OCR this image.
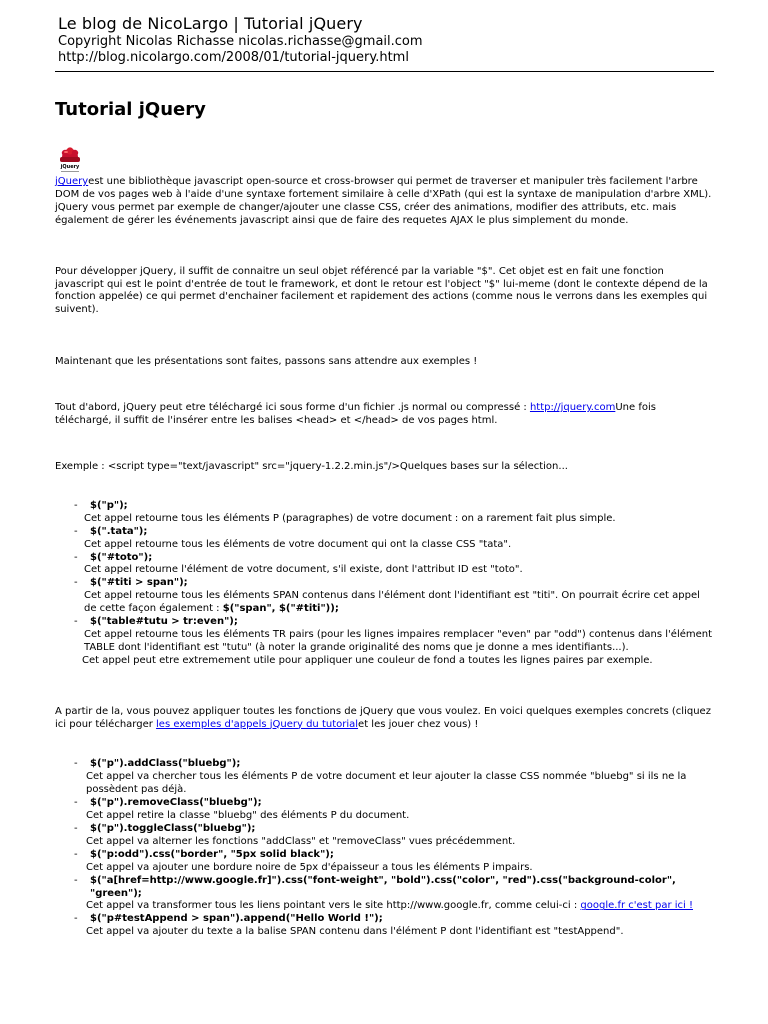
Le blog de NicoLargo | Tutorial jQuery
Copyright Nicolas Richasse nicolas.richasse@gmail.com
http://blog.nicolargo.com/2008/01/tutorial-jquery.html
Tutorial jQuery
jQuery

jQueryest une bibliothèque javascript open-source et cross-browser qui permet de traverser et manipuler très facilement l'arbre DOM de vos pages web à l'aide d'une syntaxe fortement similaire à celle d'XPath (qui est la syntaxe de manipulation d'arbre XML). jQuery vous permet par exemple de changer/ajouter une classe CSS, créer des animations, modifier des attributs, etc. mais également de gérer les événements javascript ainsi que de faire des requetes AJAX le plus simplement du monde.

Pour développer jQuery, il suffit de connaitre un seul objet référencé par la variable "$". Cet objet est en fait une fonction javascript qui est le point d'entrée de tout le framework, et dont le retour est l'object "$" lui-meme (dont le contexte dépend de la fonction appelée) ce qui permet d'enchainer facilement et rapidement des actions (comme nous le verrons dans les exemples qui suivent).

Maintenant que les présentations sont faites, passons sans attendre aux exemples !

Tout d'abord, jQuery peut etre téléchargé ici sous forme d'un fichier .js normal ou compressé : http://jquery.comUne fois téléchargé, il suffit de l'insérer entre les balises <head> et </head> de vos pages html.

Exemple : <script type="text/javascript" src="jquery-1.2.2.min.js"/>Quelques bases sur la sélection...

-	$("p");
Cet appel retourne tous les éléments P (paragraphes) de votre document : on a rarement fait plus simple.
-	$(".tata");
Cet appel retourne tous les éléments de votre document qui ont la classe CSS "tata".
-	$("#toto");
Cet appel retourne l'élément de votre document, s'il existe, dont l'attribut ID est "toto".
-	$("#titi > span");
Cet appel retourne tous les éléments SPAN contenus dans l'élément dont l'identifiant est "titi". On pourrait écrire cet appel de cette façon également : $("span", $("#titi"));
-	$("table#tutu > tr:even");
Cet appel retourne tous les éléments TR pairs (pour les lignes impaires remplacer "even" par "odd") contenus dans l'élément TABLE dont l'identifiant est "tutu" (à noter la grande originalité des noms que je donne a mes identifiants...).
Cet appel peut etre extremement utile pour appliquer une couleur de fond a toutes les lignes paires par exemple.

A partir de la, vous pouvez appliquer toutes les fonctions de jQuery que vous voulez. En voici quelques exemples concrets (cliquez ici pour télécharger les exemples d'appels jQuery du tutorialet les jouer chez vous) !

-	$("p").addClass("bluebg");
Cet appel va chercher tous les éléments P de votre document et leur ajouter la classe CSS nommée "bluebg" si ils ne la possèdent pas déjà.
-	$("p").removeClass("bluebg");
Cet appel retire la classe "bluebg" des éléments P du document.
-	$("p").toggleClass("bluebg");
Cet appel va alterner les fonctions "addClass" et "removeClass" vues précédemment.
-	$("p:odd").css("border", "5px solid black");
Cet appel va ajouter une bordure noire de 5px d'épaisseur a tous les éléments P impairs.
-	$("a[href=http://www.google.fr]").css("font-weight", "bold").css("color", "red").css("background-color", "green");
Cet appel va transformer tous les liens pointant vers le site http://www.google.fr, comme celui-ci : google.fr c'est par ici !
-	$("p#testAppend > span").append("Hello World !");
Cet appel va ajouter du texte a la balise SPAN contenu dans l'élément P dont l'identifiant est "testAppend".
